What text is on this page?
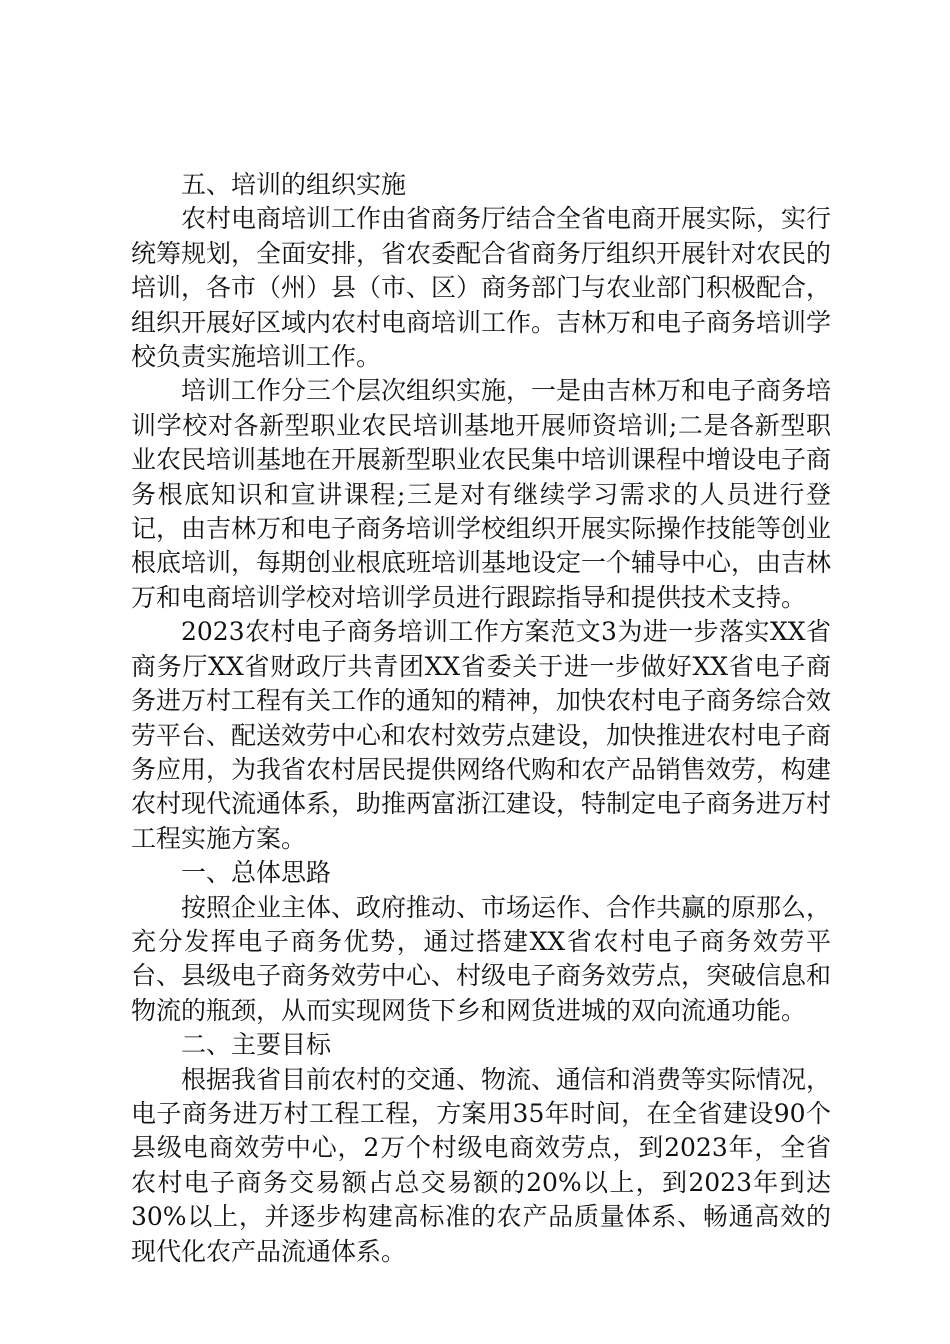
五、培训的组织实施

农村电商培训工作由省商务厅结合全省电商开展实际，实行统筹规划，全面安排，省农委配合省商务厅组织开展针对农民的培训，各市（州）县（市、区）商务部门与农业部门积极配合，组织开展好区域内农村电商培训工作。吉林万和电子商务培训学校负责实施培训工作。

培训工作分三个层次组织实施，一是由吉林万和电子商务培训学校对各新型职业农民培训基地开展师资培训;二是各新型职业农民培训基地在开展新型职业农民集中培训课程中增设电子商务根底知识和宣讲课程;三是对有继续学习需求的人员进行登记，由吉林万和电子商务培训学校组织开展实际操作技能等创业根底培训，每期创业根底班培训基地设定一个辅导中心，由吉林万和电商培训学校对培训学员进行跟踪指导和提供技术支持。

2023农村电子商务培训工作方案范文3为进一步落实XX省商务厅XX省财政厅共青团XX省委关于进一步做好XX省电子商务进万村工程有关工作的通知的精神，加快农村电子商务综合效劳平台、配送效劳中心和农村效劳点建设，加快推进农村电子商务应用，为我省农村居民提供网络代购和农产品销售效劳，构建农村现代流通体系，助推两富浙江建设，特制定电子商务进万村工程实施方案。

一、总体思路

按照企业主体、政府推动、市场运作、合作共赢的原那么，充分发挥电子商务优势，通过搭建XX省农村电子商务效劳平台、县级电子商务效劳中心、村级电子商务效劳点，突破信息和物流的瓶颈，从而实现网货下乡和网货进城的双向流通功能。

二、主要目标

根据我省目前农村的交通、物流、通信和消费等实际情况，电子商务进万村工程工程，方案用35年时间，在全省建设90个县级电商效劳中心，2万个村级电商效劳点，到2023年，全省农村电子商务交易额占总交易额的20%以上，到2023年到达30%以上，并逐步构建高标准的农产品质量体系、畅通高效的现代化农产品流通体系。
